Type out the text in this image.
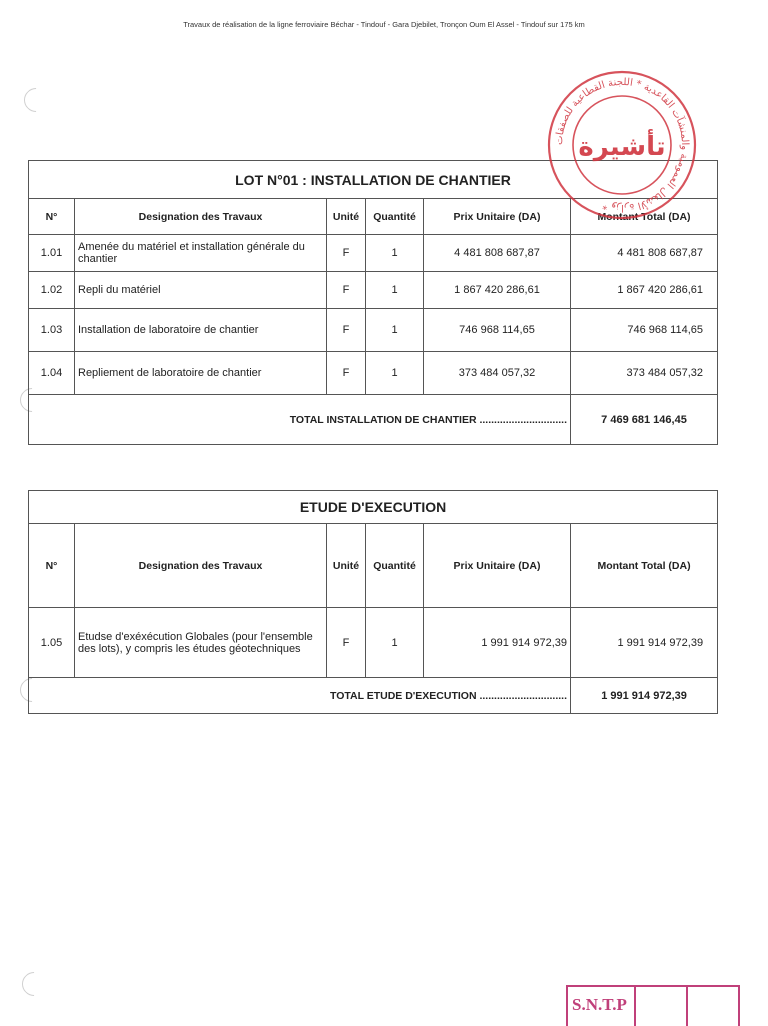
Travaux de réalisation de la ligne ferroviaire Béchar - Tindouf - Gara Djebilet, Tronçon Oum El Assel - Tindouf sur 175 km
LOT N°01 : INSTALLATION DE CHANTIER					
N°	Designation des Travaux	Unité	Quantité	Prix Unitaire (DA)	Montant Total (DA)
1.01	Amenée du matériel et installation générale du chantier	F	1	4 481 808 687,87	4 481 808 687,87
1.02	Repli du matériel	F	1	1 867 420 286,61	1 867 420 286,61
1.03	Installation de laboratoire de chantier	F	1	746 968 114,65	746 968 114,65
1.04	Repliement de laboratoire de chantier	F	1	373 484 057,32	373 484 057,32
TOTAL INSTALLATION DE CHANTIER ..............................					7 469 681 146,45
ETUDE D'EXECUTION					
N°	Designation des Travaux	Unité	Quantité	Prix Unitaire (DA)	Montant Total (DA)
1.05	Etudse d'exéxécution Globales (pour l'ensemble des lots), y compris les études géotechniques	F	1	1 991 914 972,39	1 991 914 972,39
TOTAL ETUDE D'EXECUTION ..............................					1 991 914 972,39
وزارة الأشغال العمومية والمنشآت القاعدية * اللجنة القطاعية للصفقات *
تأشيرة
S.N.T.P
